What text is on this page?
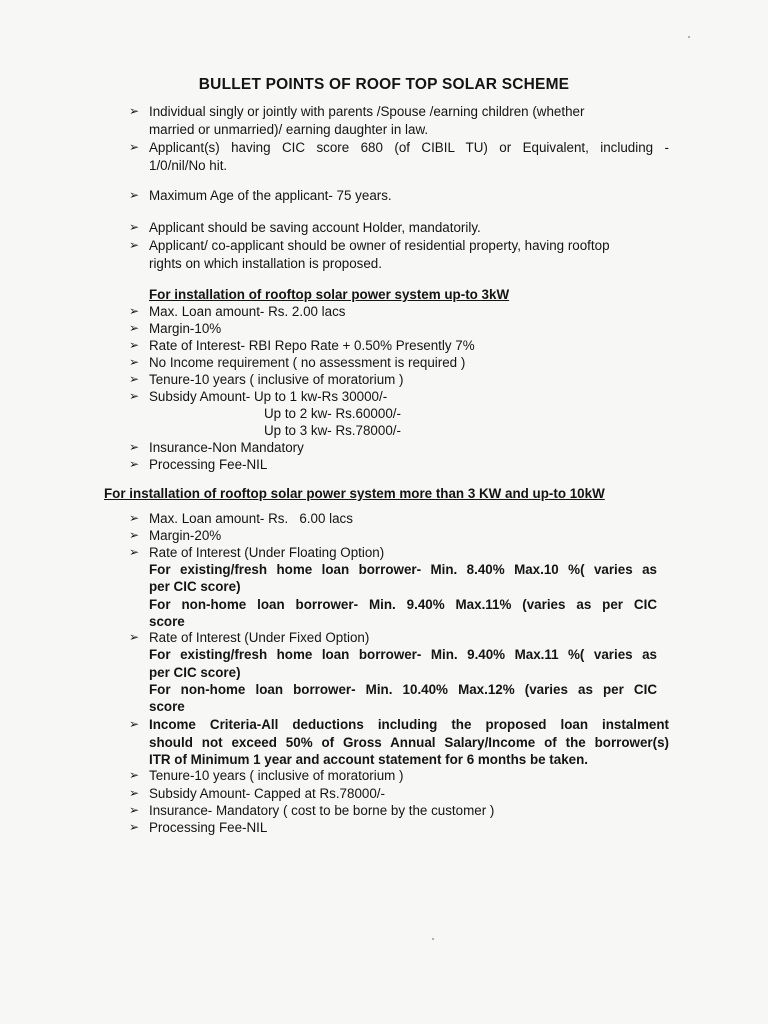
BULLET POINTS OF ROOF TOP SOLAR SCHEME
➢ Individual singly or jointly with parents /Spouse /earning children (whether
married or unmarried)/ earning daughter in law.
➢ Applicant(s) having CIC score 680 (of CIBIL TU) or Equivalent, including -
1/0/nil/No hit.
➢ Maximum Age of the applicant- 75 years.
➢ Applicant should be saving account Holder, mandatorily.
➢ Applicant/ co-applicant should be owner of residential property, having rooftop
rights on which installation is proposed.
For installation of rooftop solar power system up-to 3kW
➢ Max. Loan amount- Rs. 2.00 lacs
➢ Margin-10%
➢ Rate of Interest- RBI Repo Rate + 0.50% Presently 7%
➢ No Income requirement ( no assessment is required )
➢ Tenure-10 years ( inclusive of moratorium )
➢ Subsidy Amount- Up to 1 kw-Rs 30000/-
Up to 2 kw- Rs.60000/-
Up to 3 kw- Rs.78000/-
➢ Insurance-Non Mandatory
➢ Processing Fee-NIL
For installation of rooftop solar power system more than 3 KW and up-to 10kW
➢ Max. Loan amount- Rs.   6.00 lacs
➢ Margin-20%
➢ Rate of Interest (Under Floating Option)
For existing/fresh home loan borrower- Min. 8.40% Max.10 %( varies as
per CIC score)
For non-home loan borrower- Min. 9.40% Max.11% (varies as per CIC
score
➢ Rate of Interest (Under Fixed Option)
For existing/fresh home loan borrower- Min. 9.40% Max.11 %( varies as
per CIC score)
For non-home loan borrower- Min. 10.40% Max.12% (varies as per CIC
score
➢ Income Criteria-All deductions including the proposed loan instalment
should not exceed 50% of Gross Annual Salary/Income of the borrower(s)
ITR of Minimum 1 year and account statement for 6 months be taken.
➢ Tenure-10 years ( inclusive of moratorium )
➢ Subsidy Amount- Capped at Rs.78000/-
➢ Insurance- Mandatory ( cost to be borne by the customer )
➢ Processing Fee-NIL
